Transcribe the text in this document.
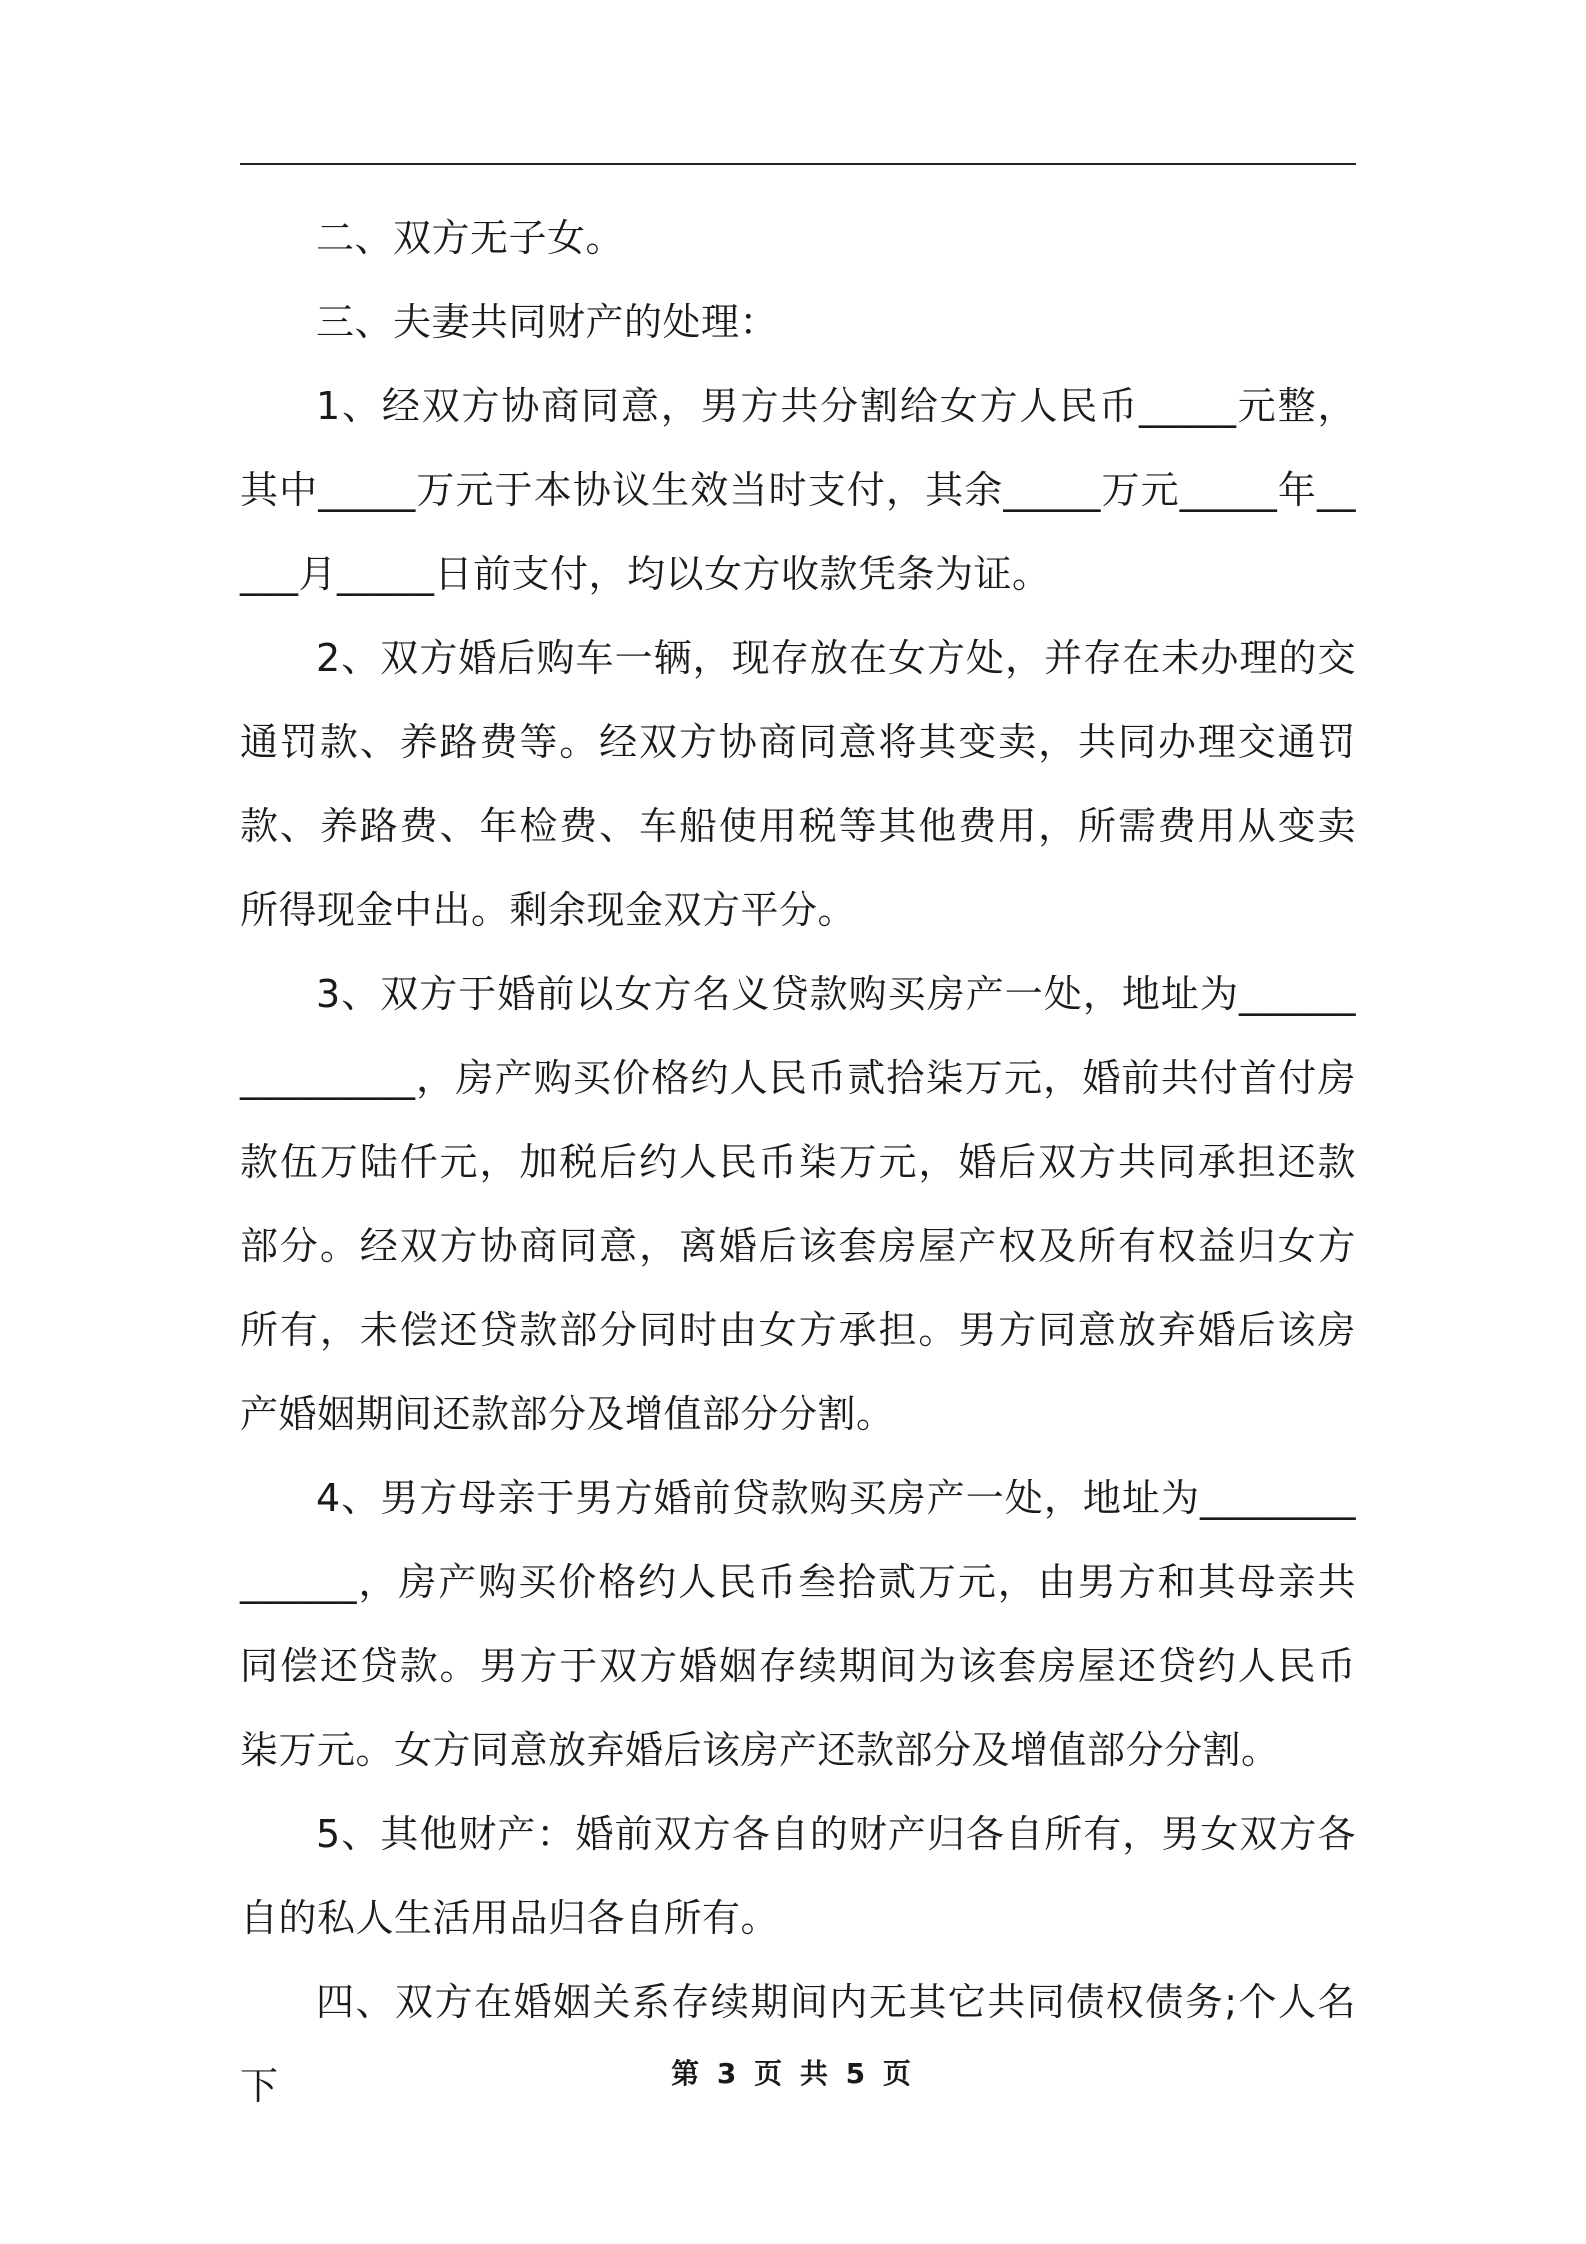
二、双方无子女。

三、夫妻共同财产的处理：

1、经双方协商同意，男方共分割给女方人民币_____元整，其中_____万元于本协议生效当时支付，其余_____万元_____年_____月_____日前支付，均以女方收款凭条为证。

2、双方婚后购车一辆，现存放在女方处，并存在未办理的交通罚款、养路费等。经双方协商同意将其变卖，共同办理交通罚款、养路费、年检费、车船使用税等其他费用，所需费用从变卖所得现金中出。剩余现金双方平分。

3、双方于婚前以女方名义贷款购买房产一处，地址为_______________，房产购买价格约人民币贰拾柒万元，婚前共付首付房款伍万陆仟元，加税后约人民币柒万元，婚后双方共同承担还款部分。经双方协商同意，离婚后该套房屋产权及所有权益归女方所有，未偿还贷款部分同时由女方承担。男方同意放弃婚后该房产婚姻期间还款部分及增值部分分割。

4、男方母亲于男方婚前贷款购买房产一处，地址为______________，房产购买价格约人民币叁拾贰万元，由男方和其母亲共同偿还贷款。男方于双方婚姻存续期间为该套房屋还贷约人民币柒万元。女方同意放弃婚后该房产还款部分及增值部分分割。

5、其他财产：婚前双方各自的财产归各自所有，男女双方各自的私人生活用品归各自所有。

四、双方在婚姻关系存续期间内无其它共同债权债务;个人名下	第 3 页 共 5 页
